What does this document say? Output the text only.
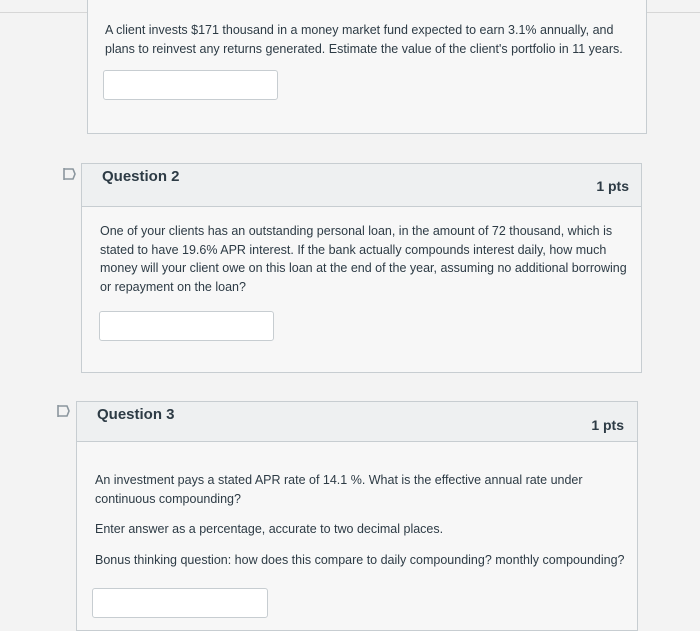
A client invests $171 thousand in a money market fund expected to earn 3.1% annually, and plans to reinvest any returns generated. Estimate the value of the client's portfolio in 11 years.
Question 2
1 pts
One of your clients has an outstanding personal loan, in the amount of 72 thousand, which is stated to have 19.6% APR interest. If the bank actually compounds interest daily, how much money will your client owe on this loan at the end of the year, assuming no additional borrowing or repayment on the loan?
Question 3
1 pts

An investment pays a stated APR rate of 14.1 %. What is the effective annual rate under continuous compounding?

Enter answer as a percentage, accurate to two decimal places.

Bonus thinking question: how does this compare to daily compounding? monthly compounding?
